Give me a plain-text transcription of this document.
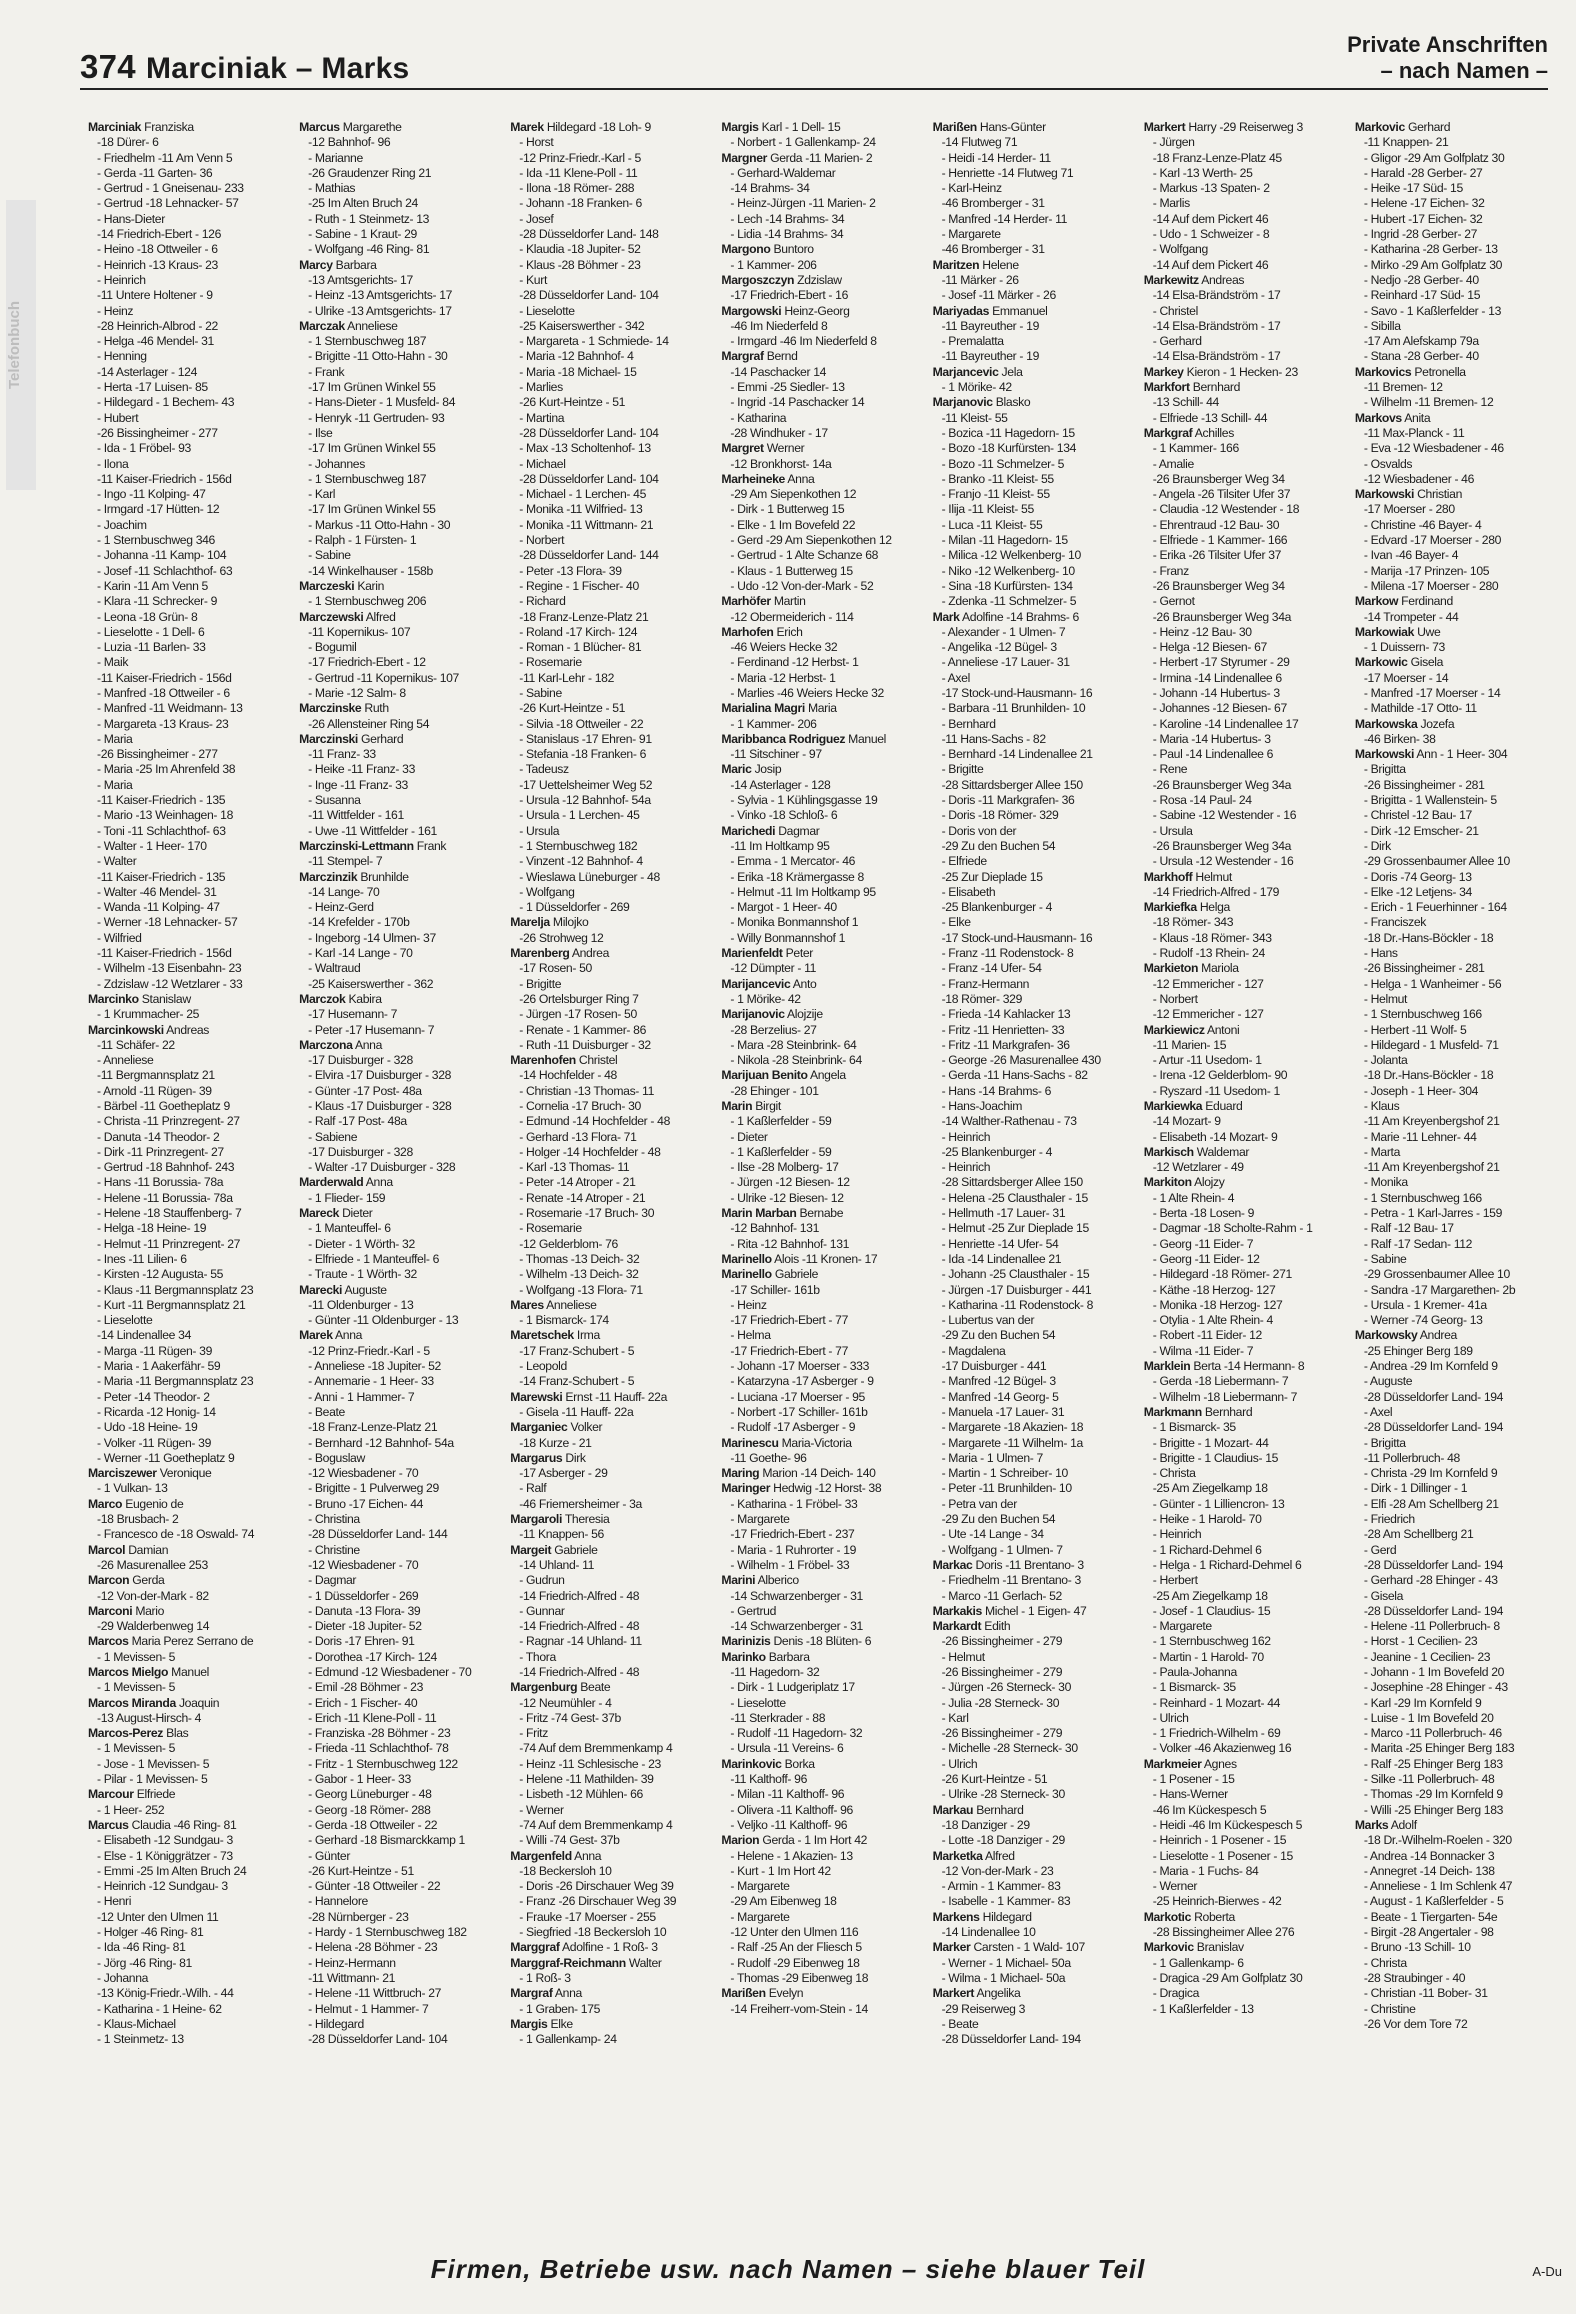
374 Marciniak – Marks
Private Anschriften
– nach Namen –
Telefonbuch
Marciniak Franziska
-18 Dürer- 6
- Friedhelm -11 Am Venn 5
- Gerda -11 Garten- 36
- Gertrud - 1 Gneisenau- 233
- Gertrud -18 Lehnacker- 57
- Hans-Dieter
-14 Friedrich-Ebert - 126
- Heino -18 Ottweiler - 6
- Heinrich -13 Kraus- 23
- Heinrich
-11 Untere Holtener - 9
- Heinz
-28 Heinrich-Albrod - 22
- Helga -46 Mendel- 31
- Henning
-14 Asterlager - 124
- Herta -17 Luisen- 85
- Hildegard - 1 Bechem- 43
- Hubert
-26 Bissingheimer - 277
- Ida - 1 Fröbel- 93
- Ilona
-11 Kaiser-Friedrich - 156d
- Ingo -11 Kolping- 47
- Irmgard -17 Hütten- 12
- Joachim
- 1 Sternbuschweg 346
- Johanna -11 Kamp- 104
- Josef -11 Schlachthof- 63
- Karin -11 Am Venn 5
- Klara -11 Schrecker- 9
- Leona -18 Grün- 8
- Lieselotte - 1 Dell- 6
- Luzia -11 Barlen- 33
- Maik
-11 Kaiser-Friedrich - 156d
- Manfred -18 Ottweiler - 6
- Manfred -11 Weidmann- 13
- Margareta -13 Kraus- 23
- Maria
-26 Bissingheimer - 277
- Maria -25 Im Ahrenfeld 38
- Maria
-11 Kaiser-Friedrich - 135
- Mario -13 Weinhagen- 18
- Toni -11 Schlachthof- 63
- Walter - 1 Heer- 170
- Walter
-11 Kaiser-Friedrich - 135
- Walter -46 Mendel- 31
- Wanda -11 Kolping- 47
- Werner -18 Lehnacker- 57
- Wilfried
-11 Kaiser-Friedrich - 156d
- Wilhelm -13 Eisenbahn- 23
- Zdzislaw -12 Wetzlarer - 33
Marcinko Stanislaw
- 1 Krummacher- 25
Marcinkowski Andreas
-11 Schäfer- 22
- Anneliese
-11 Bergmannsplatz 21
- Arnold -11 Rügen- 39
- Bärbel -11 Goetheplatz 9
- Christa -11 Prinzregent- 27
- Danuta -14 Theodor- 2
- Dirk -11 Prinzregent- 27
- Gertrud -18 Bahnhof- 243
- Hans -11 Borussia- 78a
- Helene -11 Borussia- 78a
- Helene -18 Stauffenberg- 7
- Helga -18 Heine- 19
- Helmut -11 Prinzregent- 27
- Ines -11 Lilien- 6
- Kirsten -12 Augusta- 55
- Klaus -11 Bergmannsplatz 23
- Kurt -11 Bergmannsplatz 21
- Lieselotte
-14 Lindenallee 34
- Marga -11 Rügen- 39
- Maria - 1 Aakerfähr- 59
- Maria -11 Bergmannsplatz 23
- Peter -14 Theodor- 2
- Ricarda -12 Honig- 14
- Udo -18 Heine- 19
- Volker -11 Rügen- 39
- Werner -11 Goetheplatz 9
Marciszewer Veronique
- 1 Vulkan- 13
Marco Eugenio de
-18 Brusbach- 2
- Francesco de -18 Oswald- 74
Marcol Damian
-26 Masurenallee 253
Marcon Gerda
-12 Von-der-Mark - 82
Marconi Mario
-29 Walderbenweg 14
Marcos Maria Perez Serrano de
- 1 Mevissen- 5
Marcos Mielgo Manuel
- 1 Mevissen- 5
Marcos Miranda Joaquin
-13 August-Hirsch- 4
Marcos-Perez Blas
- 1 Mevissen- 5
- Jose - 1 Mevissen- 5
- Pilar - 1 Mevissen- 5
Marcour Elfriede
- 1 Heer- 252
Marcus Claudia -46 Ring- 81
- Elisabeth -12 Sundgau- 3
- Else - 1 Königgrätzer - 73
- Emmi -25 Im Alten Bruch 24
- Heinrich -12 Sundgau- 3
- Henri
-12 Unter den Ulmen 11
- Holger -46 Ring- 81
- Ida -46 Ring- 81
- Jörg -46 Ring- 81
- Johanna
-13 König-Friedr.-Wilh. - 44
- Katharina - 1 Heine- 62
- Klaus-Michael
- 1 Steinmetz- 13
Marcus Margarethe
-12 Bahnhof- 96
- Marianne
-26 Graudenzer Ring 21
- Mathias
-25 Im Alten Bruch 24
- Ruth - 1 Steinmetz- 13
- Sabine - 1 Kraut- 29
- Wolfgang -46 Ring- 81
Marcy Barbara
-13 Amtsgerichts- 17
- Heinz -13 Amtsgerichts- 17
- Ulrike -13 Amtsgerichts- 17
Marczak Anneliese
- 1 Sternbuschweg 187
- Brigitte -11 Otto-Hahn - 30
- Frank
-17 Im Grünen Winkel 55
- Hans-Dieter - 1 Musfeld- 84
- Henryk -11 Gertruden- 93
- Ilse
-17 Im Grünen Winkel 55
- Johannes
- 1 Sternbuschweg 187
- Karl
-17 Im Grünen Winkel 55
- Markus -11 Otto-Hahn - 30
- Ralph - 1 Fürsten- 1
- Sabine
-14 Winkelhauser - 158b
Marczeski Karin
- 1 Sternbuschweg 206
Marczewski Alfred
-11 Kopernikus- 107
- Bogumil
-17 Friedrich-Ebert - 12
- Gertrud -11 Kopernikus- 107
- Marie -12 Salm- 8
Marczinske Ruth
-26 Allensteiner Ring 54
Marczinski Gerhard
-11 Franz- 33
- Heike -11 Franz- 33
- Inge -11 Franz- 33
- Susanna
-11 Wittfelder - 161
- Uwe -11 Wittfelder - 161
Marczinski-Lettmann Frank
-11 Stempel- 7
Marczinzik Brunhilde
-14 Lange- 70
- Heinz-Gerd
-14 Krefelder - 170b
- Ingeborg -14 Ulmen- 37
- Karl -14 Lange - 70
- Waltraud
-25 Kaiserswerther - 362
Marczok Kabira
-17 Husemann- 7
- Peter -17 Husemann- 7
Marczona Anna
-17 Duisburger - 328
- Elvira -17 Duisburger - 328
- Günter -17 Post- 48a
- Klaus -17 Duisburger - 328
- Ralf -17 Post- 48a
- Sabiene
-17 Duisburger - 328
- Walter -17 Duisburger - 328
Marderwald Anna
- 1 Flieder- 159
Mareck Dieter
- 1 Manteuffel- 6
- Dieter - 1 Wörth- 32
- Elfriede - 1 Manteuffel- 6
- Traute - 1 Wörth- 32
Marecki Auguste
-11 Oldenburger - 13
- Günter -11 Oldenburger - 13
Marek Anna
-12 Prinz-Friedr.-Karl - 5
- Anneliese -18 Jupiter- 52
- Annemarie - 1 Heer- 33
- Anni - 1 Hammer- 7
- Beate
-18 Franz-Lenze-Platz 21
- Bernhard -12 Bahnhof- 54a
- Boguslaw
-12 Wiesbadener - 70
- Brigitte - 1 Pulverweg 29
- Bruno -17 Eichen- 44
- Christina
-28 Düsseldorfer Land- 144
- Christine
-12 Wiesbadener - 70
- Dagmar
- 1 Düsseldorfer - 269
- Danuta -13 Flora- 39
- Dieter -18 Jupiter- 52
- Doris -17 Ehren- 91
- Dorothea -17 Kirch- 124
- Edmund -12 Wiesbadener - 70
- Emil -28 Böhmer - 23
- Erich - 1 Fischer- 40
- Erich -11 Klene-Poll - 11
- Franziska -28 Böhmer - 23
- Frieda -11 Schlachthof- 78
- Fritz - 1 Sternbuschweg 122
- Gabor - 1 Heer- 33
- Georg Lüneburger - 48
- Georg -18 Römer- 288
- Gerda -18 Ottweiler - 22
- Gerhard -18 Bismarckkamp 1
- Günter
-26 Kurt-Heintze - 51
- Günter -18 Ottweiler - 22
- Hannelore
-28 Nürnberger - 23
- Hardy - 1 Sternbuschweg 182
- Helena -28 Böhmer - 23
- Heinz-Hermann
-11 Wittmann- 21
- Helene -11 Wittbruch- 27
- Helmut - 1 Hammer- 7
- Hildegard
-28 Düsseldorfer Land- 104
Marek Hildegard -18 Loh- 9
- Horst
-12 Prinz-Friedr.-Karl - 5
- Ida -11 Klene-Poll - 11
- Ilona -18 Römer- 288
- Johann -18 Franken- 6
- Josef
-28 Düsseldorfer Land- 148
- Klaudia -18 Jupiter- 52
- Klaus -28 Böhmer - 23
- Kurt
-28 Düsseldorfer Land- 104
- Lieselotte
-25 Kaiserswerther - 342
- Margareta - 1 Schmiede- 14
- Maria -12 Bahnhof- 4
- Maria -18 Michael- 15
- Marlies
-26 Kurt-Heintze - 51
- Martina
-28 Düsseldorfer Land- 104
- Max -13 Scholtenhof- 13
- Michael
-28 Düsseldorfer Land- 104
- Michael - 1 Lerchen- 45
- Monika -11 Wilfried- 13
- Monika -11 Wittmann- 21
- Norbert
-28 Düsseldorfer Land- 144
- Peter -13 Flora- 39
- Regine - 1 Fischer- 40
- Richard
-18 Franz-Lenze-Platz 21
- Roland -17 Kirch- 124
- Roman - 1 Blücher- 81
- Rosemarie
-11 Karl-Lehr - 182
- Sabine
-26 Kurt-Heintze - 51
- Silvia -18 Ottweiler - 22
- Stanislaus -17 Ehren- 91
- Stefania -18 Franken- 6
- Tadeusz
-17 Uettelsheimer Weg 52
- Ursula -12 Bahnhof- 54a
- Ursula - 1 Lerchen- 45
- Ursula
- 1 Sternbuschweg 182
- Vinzent -12 Bahnhof- 4
- Wieslawa Lüneburger - 48
- Wolfgang
- 1 Düsseldorfer - 269
Marelja Milojko
-26 Strohweg 12
Marenberg Andrea
-17 Rosen- 50
- Brigitte
-26 Ortelsburger Ring 7
- Jürgen -17 Rosen- 50
- Renate - 1 Kammer- 86
- Ruth -11 Duisburger - 32
Marenhofen Christel
-14 Hochfelder - 48
- Christian -13 Thomas- 11
- Cornelia -17 Bruch- 30
- Edmund -14 Hochfelder - 48
- Gerhard -13 Flora- 71
- Holger -14 Hochfelder - 48
- Karl -13 Thomas- 11
- Peter -14 Atroper - 21
- Renate -14 Atroper - 21
- Rosemarie -17 Bruch- 30
- Rosemarie
-12 Gelderblom- 76
- Thomas -13 Deich- 32
- Wilhelm -13 Deich- 32
- Wolfgang -13 Flora- 71
Mares Anneliese
- 1 Bismarck- 174
Maretschek Irma
-17 Franz-Schubert - 5
- Leopold
-14 Franz-Schubert - 5
Marewski Ernst -11 Hauff- 22a
- Gisela -11 Hauff- 22a
Marganiec Volker
-18 Kurze - 21
Margarus Dirk
-17 Asberger - 29
- Ralf
-46 Friemersheimer - 3a
Margaroli Theresia
-11 Knappen- 56
Margeit Gabriele
-14 Uhland- 11
- Gudrun
-14 Friedrich-Alfred - 48
- Gunnar
-14 Friedrich-Alfred - 48
- Ragnar -14 Uhland- 11
- Thora
-14 Friedrich-Alfred - 48
Margenburg Beate
-12 Neumühler - 4
- Fritz -74 Gest- 37b
- Fritz
-74 Auf dem Bremmenkamp 4
- Heinz -11 Schlesische - 23
- Helene -11 Mathilden- 39
- Lisbeth -12 Mühlen- 66
- Werner
-74 Auf dem Bremmenkamp 4
- Willi -74 Gest- 37b
Margenfeld Anna
-18 Beckersloh 10
- Doris -26 Dirschauer Weg 39
- Franz -26 Dirschauer Weg 39
- Frauke -17 Moerser - 255
- Siegfried -18 Beckersloh 10
Marggraf Adolfine - 1 Roß- 3
Marggraf-Reichmann Walter
- 1 Roß- 3
Margraf Anna
- 1 Graben- 175
Margis Elke
- 1 Gallenkamp- 24
Margis Karl - 1 Dell- 15
- Norbert - 1 Gallenkamp- 24
Margner Gerda -11 Marien- 2
- Gerhard-Waldemar
-14 Brahms- 34
- Heinz-Jürgen -11 Marien- 2
- Lech -14 Brahms- 34
- Lidia -14 Brahms- 34
Margono Buntoro
- 1 Kammer- 206
Margoszczyn Zdzislaw
-17 Friedrich-Ebert - 16
Margowski Heinz-Georg
-46 Im Niederfeld 8
- Irmgard -46 Im Niederfeld 8
Margraf Bernd
-14 Paschacker 14
- Emmi -25 Siedler- 13
- Ingrid -14 Paschacker 14
- Katharina
-28 Windhuker - 17
Margret Werner
-12 Bronkhorst- 14a
Marheineke Anna
-29 Am Siepenkothen 12
- Dirk - 1 Butterweg 15
- Elke - 1 Im Bovefeld 22
- Gerd -29 Am Siepenkothen 12
- Gertrud - 1 Alte Schanze 68
- Klaus - 1 Butterweg 15
- Udo -12 Von-der-Mark - 52
Marhöfer Martin
-12 Obermeiderich - 114
Marhofen Erich
-46 Weiers Hecke 32
- Ferdinand -12 Herbst- 1
- Maria -12 Herbst- 1
- Marlies -46 Weiers Hecke 32
Marialina Magri Maria
- 1 Kammer- 206
Maribbanca Rodriguez Manuel
-11 Sitschiner - 97
Maric Josip
-14 Asterlager - 128
- Sylvia - 1 Kühlingsgasse 19
- Vinko -18 Schloß- 6
Marichedi Dagmar
-11 Im Holtkamp 95
- Emma - 1 Mercator- 46
- Erika -18 Krämergasse 8
- Helmut -11 Im Holtkamp 95
- Margot - 1 Heer- 40
- Monika Bonmannshof 1
- Willy Bonmannshof 1
Marienfeldt Peter
-12 Dümpter - 11
Marijancevic Anto
- 1 Mörike- 42
Marijanovic Alojzije
-28 Berzelius- 27
- Mara -28 Steinbrink- 64
- Nikola -28 Steinbrink- 64
Marijuan Benito Angela
-28 Ehinger - 101
Marin Birgit
- 1 Kaßlerfelder - 59
- Dieter
- 1 Kaßlerfelder - 59
- Ilse -28 Molberg- 17
- Jürgen -12 Biesen- 12
- Ulrike -12 Biesen- 12
Marin Marban Bernabe
-12 Bahnhof- 131
- Rita -12 Bahnhof- 131
Marinello Alois -11 Kronen- 17
Marinello Gabriele
-17 Schiller- 161b
- Heinz
-17 Friedrich-Ebert - 77
- Helma
-17 Friedrich-Ebert - 77
- Johann -17 Moerser - 333
- Katarzyna -17 Asberger - 9
- Luciana -17 Moerser - 95
- Norbert -17 Schiller- 161b
- Rudolf -17 Asberger - 9
Marinescu Maria-Victoria
-11 Goethe- 96
Maring Marion -14 Deich- 140
Maringer Hedwig -12 Horst- 38
- Katharina - 1 Fröbel- 33
- Margarete
-17 Friedrich-Ebert - 237
- Maria - 1 Ruhrorter - 19
- Wilhelm - 1 Fröbel- 33
Marini Alberico
-14 Schwarzenberger - 31
- Gertrud
-14 Schwarzenberger - 31
Marinizis Denis -18 Blüten- 6
Marinko Barbara
-11 Hagedorn- 32
- Dirk - 1 Ludgeriplatz 17
- Lieselotte
-11 Sterkrader - 88
- Rudolf -11 Hagedorn- 32
- Ursula -11 Vereins- 6
Marinkovic Borka
-11 Kalthoff- 96
- Milan -11 Kalthoff- 96
- Olivera -11 Kalthoff- 96
- Veljko -11 Kalthoff- 96
Marion Gerda - 1 Im Hort 42
- Helene - 1 Akazien- 13
- Kurt - 1 Im Hort 42
- Margarete
-29 Am Eibenweg 18
- Margarete
-12 Unter den Ulmen 116
- Ralf -25 An der Fliesch 5
- Rudolf -29 Eibenweg 18
- Thomas -29 Eibenweg 18
Marißen Evelyn
-14 Freiherr-vom-Stein - 14
Marißen Hans-Günter
-14 Flutweg 71
- Heidi -14 Herder- 11
- Henriette -14 Flutweg 71
- Karl-Heinz
-46 Bromberger - 31
- Manfred -14 Herder- 11
- Margarete
-46 Bromberger - 31
Maritzen Helene
-11 Märker - 26
- Josef -11 Märker - 26
Mariyadas Emmanuel
-11 Bayreuther - 19
- Premalatta
-11 Bayreuther - 19
Marjancevic Jela
- 1 Mörike- 42
Marjanovic Blasko
-11 Kleist- 55
- Bozica -11 Hagedorn- 15
- Bozo -18 Kurfürsten- 134
- Bozo -11 Schmelzer- 5
- Branko -11 Kleist- 55
- Franjo -11 Kleist- 55
- Ilija -11 Kleist- 55
- Luca -11 Kleist- 55
- Milan -11 Hagedorn- 15
- Milica -12 Welkenberg- 10
- Niko -12 Welkenberg- 10
- Sina -18 Kurfürsten- 134
- Zdenka -11 Schmelzer- 5
Mark Adolfine -14 Brahms- 6
- Alexander - 1 Ulmen- 7
- Angelika -12 Bügel- 3
- Anneliese -17 Lauer- 31
- Axel
-17 Stock-und-Hausmann- 16
- Barbara -11 Brunhilden- 10
- Bernhard
-11 Hans-Sachs - 82
- Bernhard -14 Lindenallee 21
- Brigitte
-28 Sittardsberger Allee 150
- Doris -11 Markgrafen- 36
- Doris -18 Römer- 329
- Doris von der
-29 Zu den Buchen 54
- Elfriede
-25 Zur Dieplade 15
- Elisabeth
-25 Blankenburger - 4
- Elke
-17 Stock-und-Hausmann- 16
- Franz -11 Rodenstock- 8
- Franz -14 Ufer- 54
- Franz-Hermann
-18 Römer- 329
- Frieda -14 Kahlacker 13
- Fritz -11 Henrietten- 33
- Fritz -11 Markgrafen- 36
- George -26 Masurenallee 430
- Gerda -11 Hans-Sachs - 82
- Hans -14 Brahms- 6
- Hans-Joachim
-14 Walther-Rathenau - 73
- Heinrich
-25 Blankenburger - 4
- Heinrich
-28 Sittardsberger Allee 150
- Helena -25 Clausthaler - 15
- Hellmuth -17 Lauer- 31
- Helmut -25 Zur Dieplade 15
- Henriette -14 Ufer- 54
- Ida -14 Lindenallee 21
- Johann -25 Clausthaler - 15
- Jürgen -17 Duisburger - 441
- Katharina -11 Rodenstock- 8
- Lubertus van der
-29 Zu den Buchen 54
- Magdalena
-17 Duisburger - 441
- Manfred -12 Bügel- 3
- Manfred -14 Georg- 5
- Manuela -17 Lauer- 31
- Margarete -18 Akazien- 18
- Margarete -11 Wilhelm- 1a
- Maria - 1 Ulmen- 7
- Martin - 1 Schreiber- 10
- Peter -11 Brunhilden- 10
- Petra van der
-29 Zu den Buchen 54
- Ute -14 Lange - 34
- Wolfgang - 1 Ulmen- 7
Markac Doris -11 Brentano- 3
- Friedhelm -11 Brentano- 3
- Marco -11 Gerlach- 52
Markakis Michel - 1 Eigen- 47
Markardt Edith
-26 Bissingheimer - 279
- Helmut
-26 Bissingheimer - 279
- Jürgen -26 Sterneck- 30
- Julia -28 Sterneck- 30
- Karl
-26 Bissingheimer - 279
- Michelle -28 Sterneck- 30
- Ulrich
-26 Kurt-Heintze - 51
- Ulrike -28 Sterneck- 30
Markau Bernhard
-18 Danziger - 29
- Lotte -18 Danziger - 29
Marketka Alfred
-12 Von-der-Mark - 23
- Armin - 1 Kammer- 83
- Isabelle - 1 Kammer- 83
Markens Hildegard
-14 Lindenallee 10
Marker Carsten - 1 Wald- 107
- Werner - 1 Michael- 50a
- Wilma - 1 Michael- 50a
Markert Angelika
-29 Reiserweg 3
- Beate
-28 Düsseldorfer Land- 194
Markert Harry -29 Reiserweg 3
- Jürgen
-18 Franz-Lenze-Platz 45
- Karl -13 Werth- 25
- Markus -13 Spaten- 2
- Marlis
-14 Auf dem Pickert 46
- Udo - 1 Schweizer - 8
- Wolfgang
-14 Auf dem Pickert 46
Markewitz Andreas
-14 Elsa-Brändström - 17
- Christel
-14 Elsa-Brändström - 17
- Gerhard
-14 Elsa-Brändström - 17
Markey Kieron - 1 Hecken- 23
Markfort Bernhard
-13 Schill- 44
- Elfriede -13 Schill- 44
Markgraf Achilles
- 1 Kammer- 166
- Amalie
-26 Braunsberger Weg 34
- Angela -26 Tilsiter Ufer 37
- Claudia -12 Westender - 18
- Ehrentraud -12 Bau- 30
- Elfriede - 1 Kammer- 166
- Erika -26 Tilsiter Ufer 37
- Franz
-26 Braunsberger Weg 34
- Gernot
-26 Braunsberger Weg 34a
- Heinz -12 Bau- 30
- Helga -12 Biesen- 67
- Herbert -17 Styrumer - 29
- Irmina -14 Lindenallee 6
- Johann -14 Hubertus- 3
- Johannes -12 Biesen- 67
- Karoline -14 Lindenallee 17
- Maria -14 Hubertus- 3
- Paul -14 Lindenallee 6
- Rene
-26 Braunsberger Weg 34a
- Rosa -14 Paul- 24
- Sabine -12 Westender - 16
- Ursula
-26 Braunsberger Weg 34a
- Ursula -12 Westender - 16
Markhoff Helmut
-14 Friedrich-Alfred - 179
Markiefka Helga
-18 Römer- 343
- Klaus -18 Römer- 343
- Rudolf -13 Rhein- 24
Markieton Mariola
-12 Emmericher - 127
- Norbert
-12 Emmericher - 127
Markiewicz Antoni
-11 Marien- 15
- Artur -11 Usedom- 1
- Irena -12 Gelderblom- 90
- Ryszard -11 Usedom- 1
Markiewka Eduard
-14 Mozart- 9
- Elisabeth -14 Mozart- 9
Markisch Waldemar
-12 Wetzlarer - 49
Markiton Alojzy
- 1 Alte Rhein- 4
- Berta -18 Losen- 9
- Dagmar -18 Scholte-Rahm - 1
- Georg -11 Eider- 7
- Georg -11 Eider- 12
- Hildegard -18 Römer- 271
- Käthe -18 Herzog- 127
- Monika -18 Herzog- 127
- Otylia - 1 Alte Rhein- 4
- Robert -11 Eider- 12
- Wilma -11 Eider- 7
Marklein Berta -14 Hermann- 8
- Gerda -18 Liebermann- 7
- Wilhelm -18 Liebermann- 7
Markmann Bernhard
- 1 Bismarck- 35
- Brigitte - 1 Mozart- 44
- Brigitte - 1 Claudius- 15
- Christa
-25 Am Ziegelkamp 18
- Günter - 1 Lilliencron- 13
- Heike - 1 Harold- 70
- Heinrich
- 1 Richard-Dehmel 6
- Helga - 1 Richard-Dehmel 6
- Herbert
-25 Am Ziegelkamp 18
- Josef - 1 Claudius- 15
- Margarete
- 1 Sternbuschweg 162
- Martin - 1 Harold- 70
- Paula-Johanna
- 1 Bismarck- 35
- Reinhard - 1 Mozart- 44
- Ulrich
- 1 Friedrich-Wilhelm - 69
- Volker -46 Akazienweg 16
Markmeier Agnes
- 1 Posener - 15
- Hans-Werner
-46 Im Kückespesch 5
- Heidi -46 Im Kückespesch 5
- Heinrich - 1 Posener - 15
- Lieselotte - 1 Posener - 15
- Maria - 1 Fuchs- 84
- Werner
-25 Heinrich-Bierwes - 42
Markotic Roberta
-28 Bissingheimer Allee 276
Markovic Branislav
- 1 Gallenkamp- 6
- Dragica -29 Am Golfplatz 30
- Dragica
- 1 Kaßlerfelder - 13
Markovic Gerhard
-11 Knappen- 21
- Gligor -29 Am Golfplatz 30
- Harald -28 Gerber- 27
- Heike -17 Süd- 15
- Helene -17 Eichen- 32
- Hubert -17 Eichen- 32
- Ingrid -28 Gerber- 27
- Katharina -28 Gerber- 13
- Mirko -29 Am Golfplatz 30
- Nedjo -28 Gerber- 40
- Reinhard -17 Süd- 15
- Savo - 1 Kaßlerfelder - 13
- Sibilla
-17 Am Alefskamp 79a
- Stana -28 Gerber- 40
Markovics Petronella
-11 Bremen- 12
- Wilhelm -11 Bremen- 12
Markovs Anita
-11 Max-Planck - 11
- Eva -12 Wiesbadener - 46
- Osvalds
-12 Wiesbadener - 46
Markowski Christian
-17 Moerser - 280
- Christine -46 Bayer- 4
- Edvard -17 Moerser - 280
- Ivan -46 Bayer- 4
- Marija -17 Prinzen- 105
- Milena -17 Moerser - 280
Markow Ferdinand
-14 Trompeter - 44
Markowiak Uwe
- 1 Duissern- 73
Markowic Gisela
-17 Moerser - 14
- Manfred -17 Moerser - 14
- Mathilde -17 Otto- 11
Markowska Jozefa
-46 Birken- 38
Markowski Ann - 1 Heer- 304
- Brigitta
-26 Bissingheimer - 281
- Brigitta - 1 Wallenstein- 5
- Christel -12 Bau- 17
- Dirk -12 Emscher- 21
- Dirk
-29 Grossenbaumer Allee 10
- Doris -74 Georg- 13
- Elke -12 Letjens- 34
- Erich - 1 Feuerhinner - 164
- Franciszek
-18 Dr.-Hans-Böckler - 18
- Hans
-26 Bissingheimer - 281
- Helga - 1 Wanheimer - 56
- Helmut
- 1 Sternbuschweg 166
- Herbert -11 Wolf- 5
- Hildegard - 1 Musfeld- 71
- Jolanta
-18 Dr.-Hans-Böckler - 18
- Joseph - 1 Heer- 304
- Klaus
-11 Am Kreyenbergshof 21
- Marie -11 Lehner- 44
- Marta
-11 Am Kreyenbergshof 21
- Monika
- 1 Sternbuschweg 166
- Petra - 1 Karl-Jarres - 159
- Ralf -12 Bau- 17
- Ralf -17 Sedan- 112
- Sabine
-29 Grossenbaumer Allee 10
- Sandra -17 Margarethen- 2b
- Ursula - 1 Kremer- 41a
- Werner -74 Georg- 13
Markowsky Andrea
-25 Ehinger Berg 189
- Andrea -29 Im Kornfeld 9
- Auguste
-28 Düsseldorfer Land- 194
- Axel
-28 Düsseldorfer Land- 194
- Brigitta
-11 Pollerbruch- 48
- Christa -29 Im Kornfeld 9
- Dirk - 1 Dillinger - 1
- Elfi -28 Am Schellberg 21
- Friedrich
-28 Am Schellberg 21
- Gerd
-28 Düsseldorfer Land- 194
- Gerhard -28 Ehinger - 43
- Gisela
-28 Düsseldorfer Land- 194
- Helene -11 Pollerbruch- 8
- Horst - 1 Cecilien- 23
- Jeanine - 1 Cecilien- 23
- Johann - 1 Im Bovefeld 20
- Josephine -28 Ehinger - 43
- Karl -29 Im Kornfeld 9
- Luise - 1 Im Bovefeld 20
- Marco -11 Pollerbruch- 46
- Marita -25 Ehinger Berg 183
- Ralf -25 Ehinger Berg 183
- Silke -11 Pollerbruch- 48
- Thomas -29 Im Kornfeld 9
- Willi -25 Ehinger Berg 183
Marks Adolf
-18 Dr.-Wilhelm-Roelen - 320
- Andrea -14 Bonnacker 3
- Annegret -14 Deich- 138
- Anneliese - 1 Im Schlenk 47
- August - 1 Kaßlerfelder - 5
- Beate - 1 Tiergarten- 54e
- Birgit -28 Angertaler - 98
- Bruno -13 Schill- 10
- Christa
-28 Straubinger - 40
- Christian -11 Bober- 31
- Christine
-26 Vor dem Tore 72
Firmen, Betriebe usw. nach Namen – siehe blauer Teil	A-Du
